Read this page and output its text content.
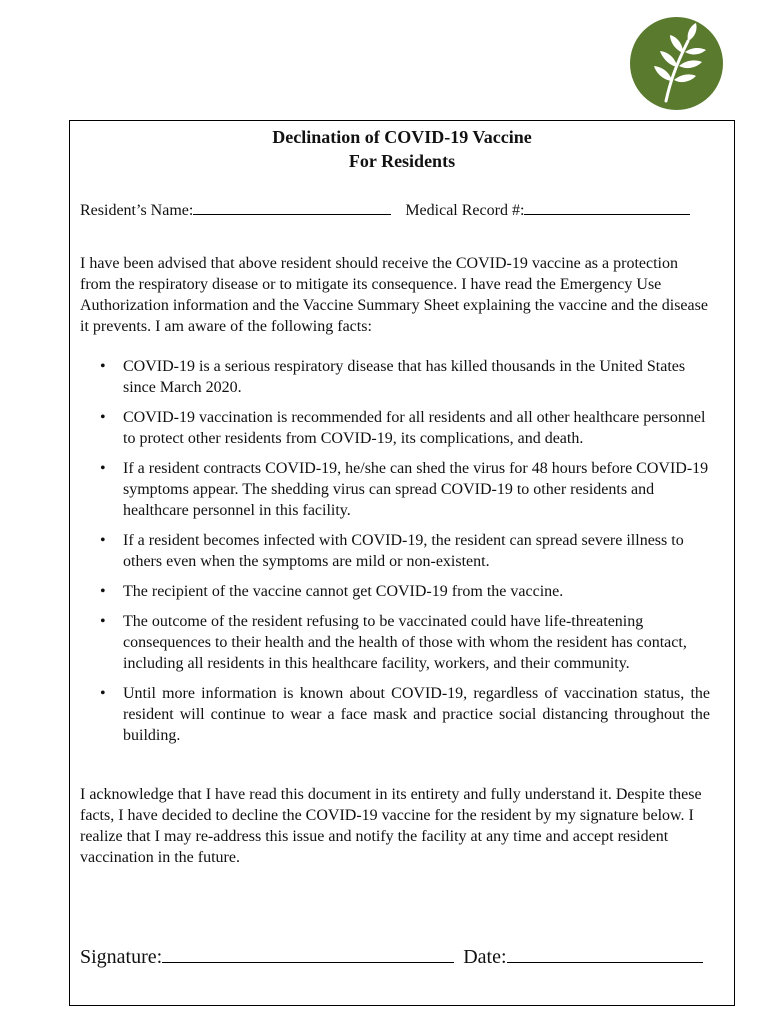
Declination of COVID-19 Vaccine
For Residents
Resident’s Name:	Medical Record #:
I have been advised that above resident should receive the COVID-19 vaccine as a protection from the respiratory disease or to mitigate its consequence. I have read the Emergency Use Authorization information and the Vaccine Summary Sheet explaining the vaccine and the disease it prevents. I am aware of the following facts:
• COVID-19 is a serious respiratory disease that has killed thousands in the United States since March 2020.
• COVID-19 vaccination is recommended for all residents and all other healthcare personnel to protect other residents from COVID-19, its complications, and death.
• If a resident contracts COVID-19, he/she can shed the virus for 48 hours before COVID-19 symptoms appear. The shedding virus can spread COVID-19 to other residents and healthcare personnel in this facility.
• If a resident becomes infected with COVID-19, the resident can spread severe illness to others even when the symptoms are mild or non-existent.
• The recipient of the vaccine cannot get COVID-19 from the vaccine.
• The outcome of the resident refusing to be vaccinated could have life-threatening consequences to their health and the health of those with whom the resident has contact, including all residents in this healthcare facility, workers, and their community.
• Until more information is known about COVID-19, regardless of vaccination status, the resident will continue to wear a face mask and practice social distancing throughout the building.
I acknowledge that I have read this document in its entirety and fully understand it. Despite these facts, I have decided to decline the COVID-19 vaccine for the resident by my signature below. I realize that I may re-address this issue and notify the facility at any time and accept resident vaccination in the future.
Signature:	Date:
